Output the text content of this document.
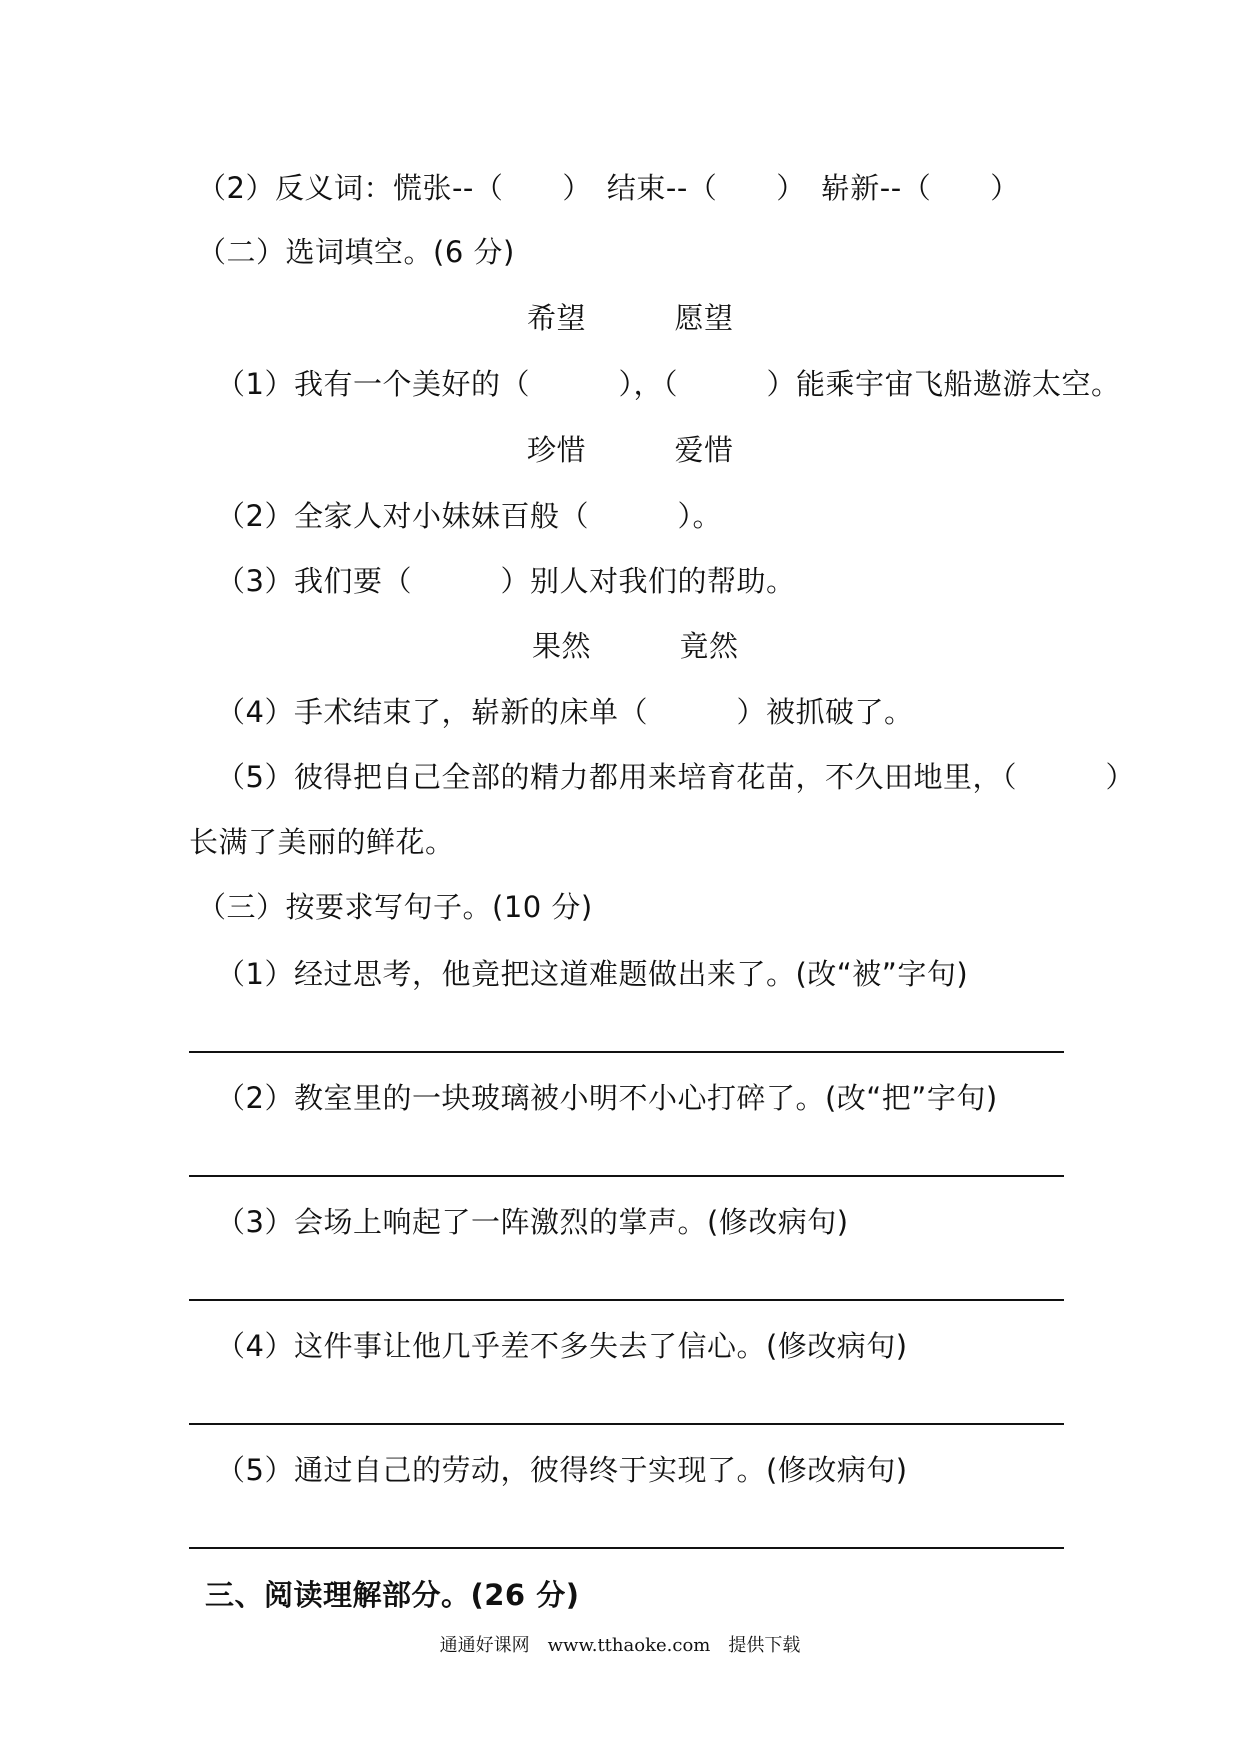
（2）反义词：慌张--（　　）　结束--（　　）　崭新--（　　）
（二）选词填空。(6 分)
希望　　　愿望
（1）我有一个美好的（　　　），（　　　）能乘宇宙飞船遨游太空。
珍惜　　　爱惜
（2）全家人对小妹妹百般（　　　）。
（3）我们要（　　　）别人对我们的帮助。
果然　　　竟然
（4）手术结束了，崭新的床单（　　　）被抓破了。
（5）彼得把自己全部的精力都用来培育花苗，不久田地里，（　　　）
长满了美丽的鲜花。
（三）按要求写句子。(10 分)
（1）经过思考，他竟把这道难题做出来了。(改“被”字句)
（2）教室里的一块玻璃被小明不小心打碎了。(改“把”字句)
（3）会场上响起了一阵激烈的掌声。(修改病句)
（4）这件事让他几乎差不多失去了信心。(修改病句)
（5）通过自己的劳动，彼得终于实现了。(修改病句)
三、阅读理解部分。(26 分)
通通好课网　www.tthaoke.com　提供下载
